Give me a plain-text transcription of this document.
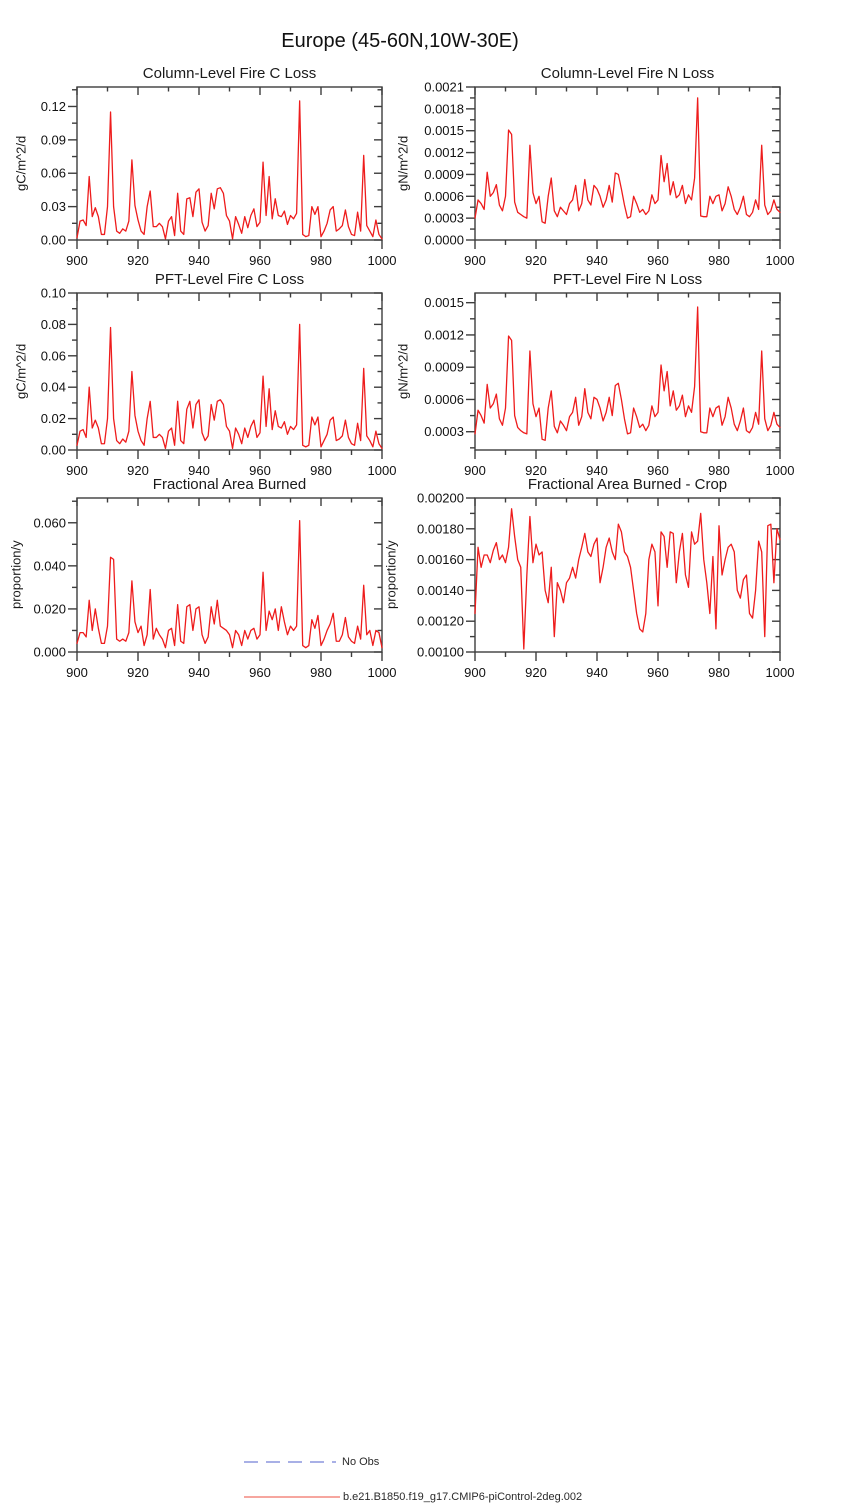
Europe (45-60N,10W-30E)
Column-Level Fire C Loss
gC/m^2/d
900	920	940	960	980	1000
0.00
0.03
0.06
0.09
0.12
Column-Level Fire N Loss
gN/m^2/d
900	920	940	960	980	1000
0.0000
0.0003
0.0006
0.0009
0.0012
0.0015
0.0018
0.0021
PFT-Level Fire C Loss
gC/m^2/d
900	920	940	960	980	1000
0.00
0.02
0.04
0.06
0.08
0.10
PFT-Level Fire N Loss
gN/m^2/d
900	920	940	960	980	1000
0.0003
0.0006
0.0009
0.0012
0.0015
Fractional Area Burned
proportion/y
900	920	940	960	980	1000
0.000
0.020
0.040
0.060
Fractional Area Burned - Crop
proportion/y
900	920	940	960	980	1000
0.00100
0.00120
0.00140
0.00160
0.00180
0.00200
No Obs
b.e21.B1850.f19_g17.CMIP6-piControl-2deg.002
